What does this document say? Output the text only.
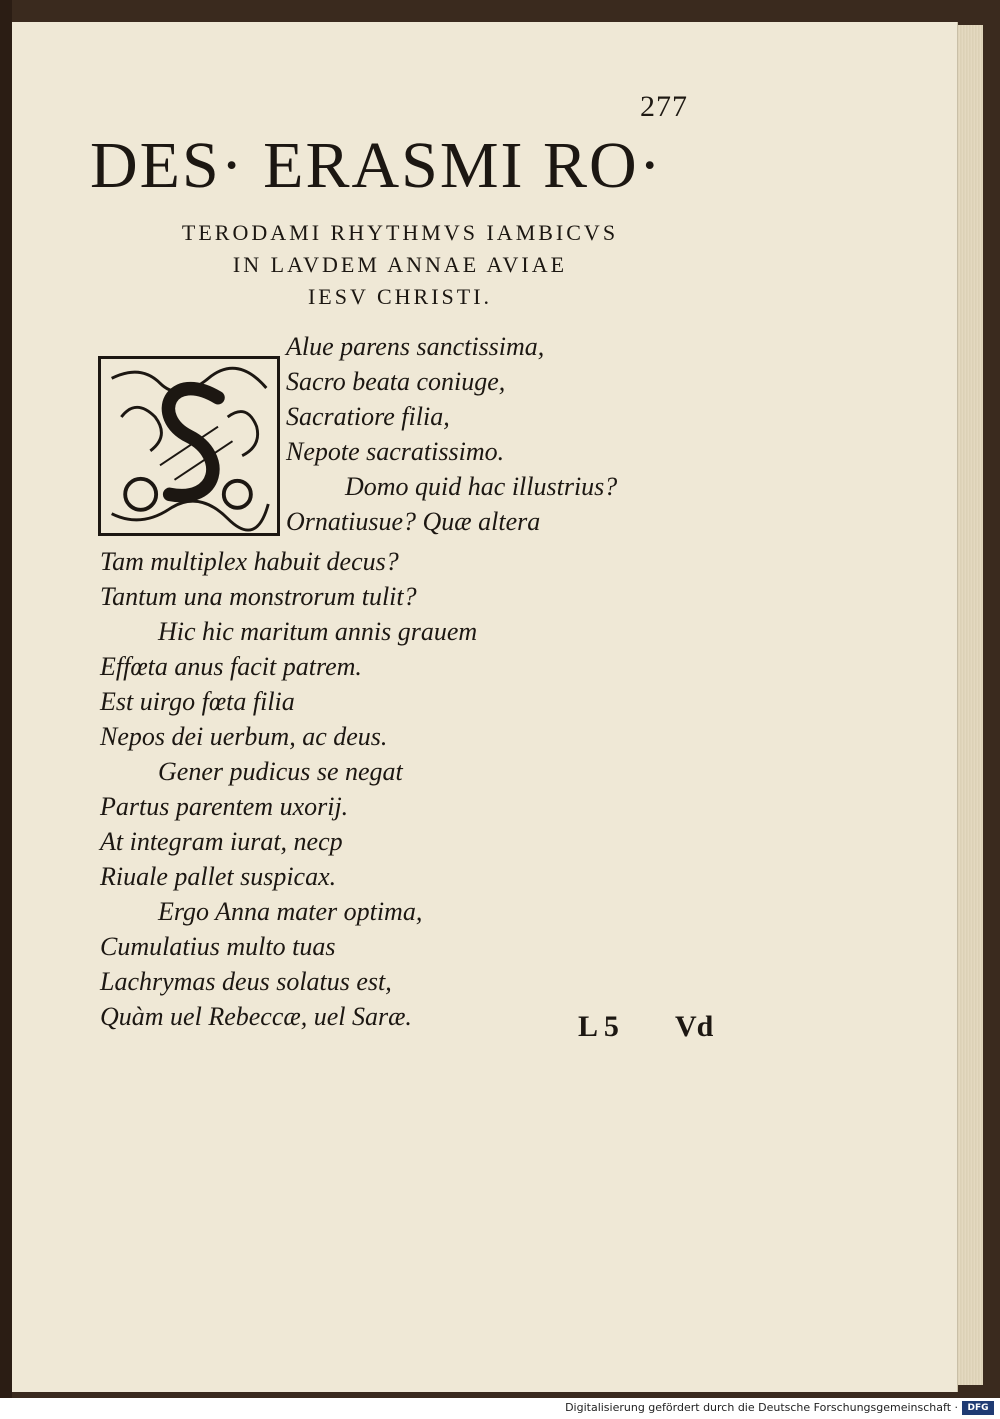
277
DES· ERASMI RO·
TERODAMI RHYTHMVS IAMBICVS
IN LAVDEM ANNAE AVIAE
IESV CHRISTI.
Alue parens sanctissima,
Sacro beata coniuge,
Sacratiore filia,
Nepote sacratissimo.
Domo quid hac illustrius?
Ornatiusue? Quæ altera
Tam multiplex habuit decus?
Tantum una monstrorum tulit?
Hic hic maritum annis grauem
Effœta anus facit patrem.
Est uirgo fœta filia
Nepos dei uerbum, ac deus.
Gener pudicus se negat
Partus parentem uxorij.
At integram iurat, necp
Riuale pallet suspicax.
Ergo Anna mater optima,
Cumulatius multo tuas
Lachrymas deus solatus est,
Quàm uel Rebeccæ, uel Saræ.	L 5 Vd
Digitalisierung gefördert durch die Deutsche Forschungsgemeinschaft ·	DFG
